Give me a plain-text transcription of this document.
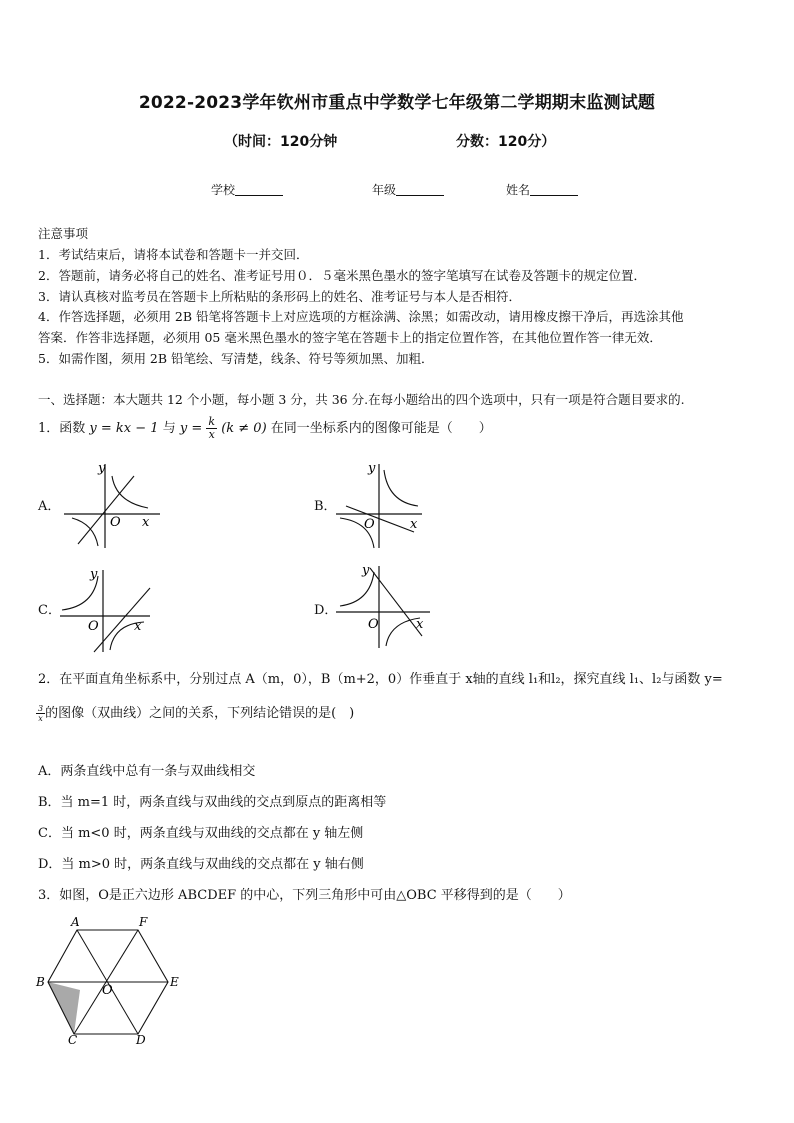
2022-2023学年钦州市重点中学数学七年级第二学期期末监测试题
（时间：120分钟	分数：120分）
学校	年级	姓名
注意事项
1．考试结束后，请将本试卷和答题卡一并交回．
2．答题前，请务必将自己的姓名、准考证号用０．５毫米黑色墨水的签字笔填写在试卷及答题卡的规定位置．
3．请认真核对监考员在答题卡上所粘贴的条形码上的姓名、准考证号与本人是否相符．
4．作答选择题，必须用 2B 铅笔将答题卡上对应选项的方框涂满、涂黑；如需改动，请用橡皮擦干净后，再选涂其他
答案．作答非选择题，必须用 05 毫米黑色墨水的签字笔在答题卡上的指定位置作答，在其他位置作答一律无效．
5．如需作图，须用 2B 铅笔绘、写清楚，线条、符号等须加黑、加粗．
一、选择题：本大题共 12 个小题，每小题 3 分，共 36 分.在每小题给出的四个选项中，只有一项是符合题目要求的.
1．函数 y = kx − 1 与 $y = \frac{k}{x} (k \ne 0)$ 在同一坐标系内的图像可能是（　　）
A．	B．
C．	D．
y
O x
y
O	x
y
O	x
y
O	x
2．在平面直角坐标系中，分别过点 A（m，0），B（m+2，0）作垂直于 x轴的直线 l₁和l₂，探究直线 l₁、l₂与函数 y=
$\frac{3}{x}$ 的图像（双曲线）之间的关系，下列结论错误的是(　)
A．两条直线中总有一条与双曲线相交
B．当 m=1 时，两条直线与双曲线的交点到原点的距离相等
C．当 m<0 时，两条直线与双曲线的交点都在 y 轴左侧
D．当 m>0 时，两条直线与双曲线的交点都在 y 轴右侧
3．如图，O是正六边形 ABCDEF 的中心，下列三角形中可由△OBC 平移得到的是（　　）
A	F
B
O
E
C	D
